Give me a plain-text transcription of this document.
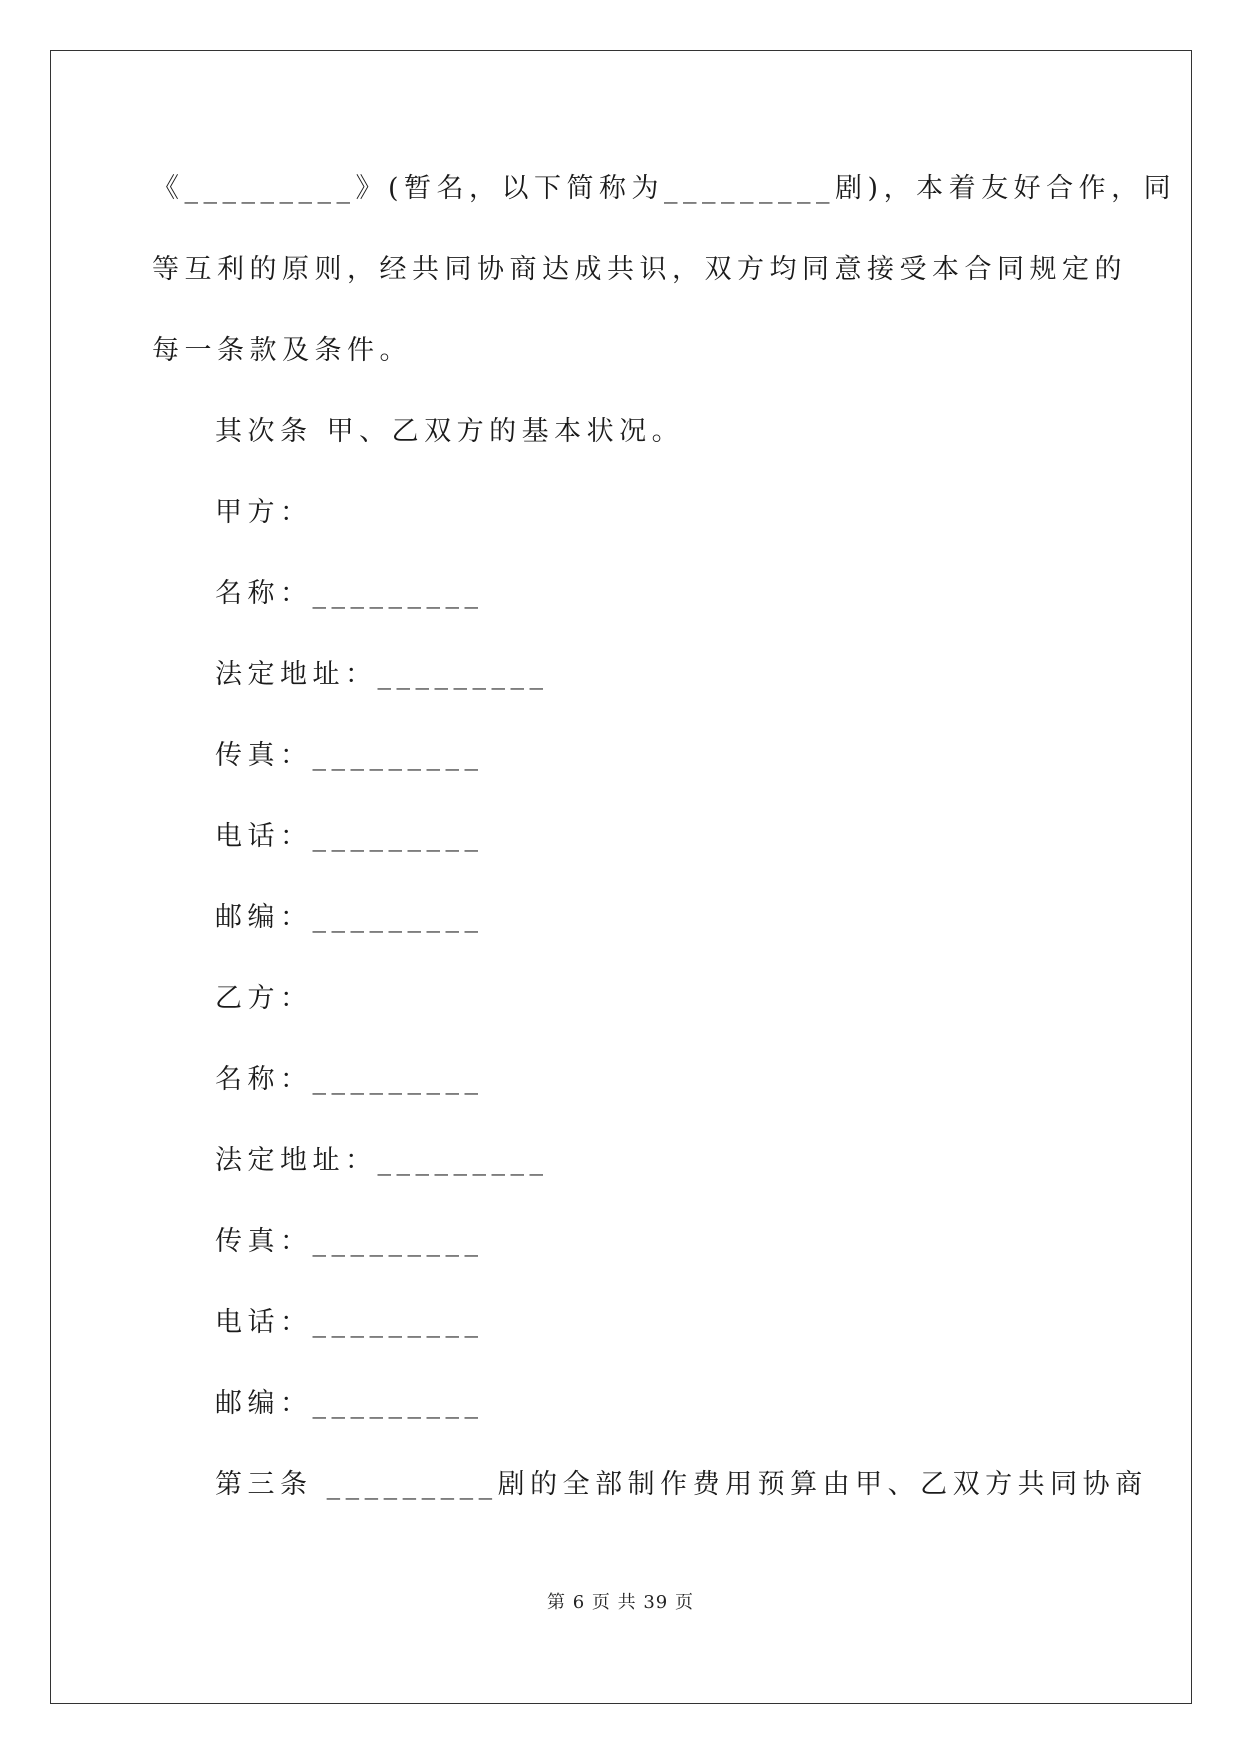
《_________》(暂名，以下简称为_________剧)，本着友好合作，同
等互利的原则，经共同协商达成共识，双方均同意接受本合同规定的
每一条款及条件。
其次条 甲、乙双方的基本状况。
甲方：
名称：_________
法定地址：_________
传真：_________
电话：_________
邮编：_________
乙方：
名称：_________
法定地址：_________
传真：_________
电话：_________
邮编：_________
第三条 _________剧的全部制作费用预算由甲、乙双方共同协商
第 6 页 共 39 页
